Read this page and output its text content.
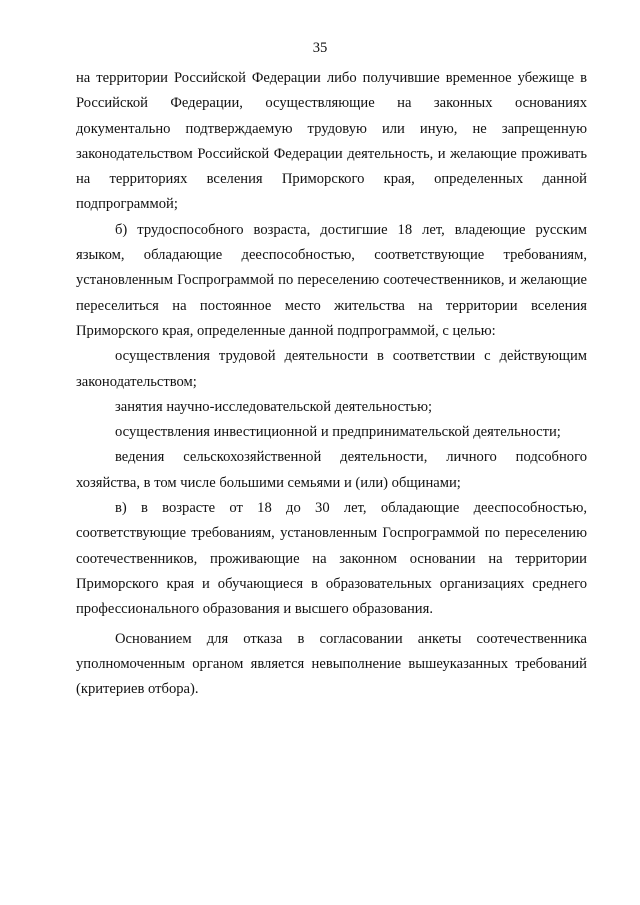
35

на территории Российской Федерации либо получившие временное убежище в Российской Федерации, осуществляющие на законных основаниях документально подтверждаемую трудовую или иную, не запрещенную законодательством Российской Федерации деятельность, и желающие проживать на территориях вселения Приморского края, определенных данной подпрограммой;

б) трудоспособного возраста, достигшие 18 лет, владеющие русским языком, обладающие дееспособностью, соответствующие требованиям, установленным Госпрограммой по переселению соотечественников, и желающие переселиться на постоянное место жительства на территории вселения Приморского края, определенные данной подпрограммой, с целью:

осуществления трудовой деятельности в соответствии с действующим законодательством;

занятия научно-исследовательской деятельностью;

осуществления инвестиционной и предпринимательской деятельности;

ведения сельскохозяйственной деятельности, личного подсобного хозяйства, в том числе большими семьями и (или) общинами;

в) в возрасте от 18 до 30 лет, обладающие дееспособностью, соответствующие требованиям, установленным Госпрограммой по переселению соотечественников, проживающие на законном основании на территории Приморского края и обучающиеся в образовательных организациях среднего профессионального образования и высшего образования.

Основанием для отказа в согласовании анкеты соотечественника уполномоченным органом является невыполнение вышеуказанных требований (критериев отбора).
